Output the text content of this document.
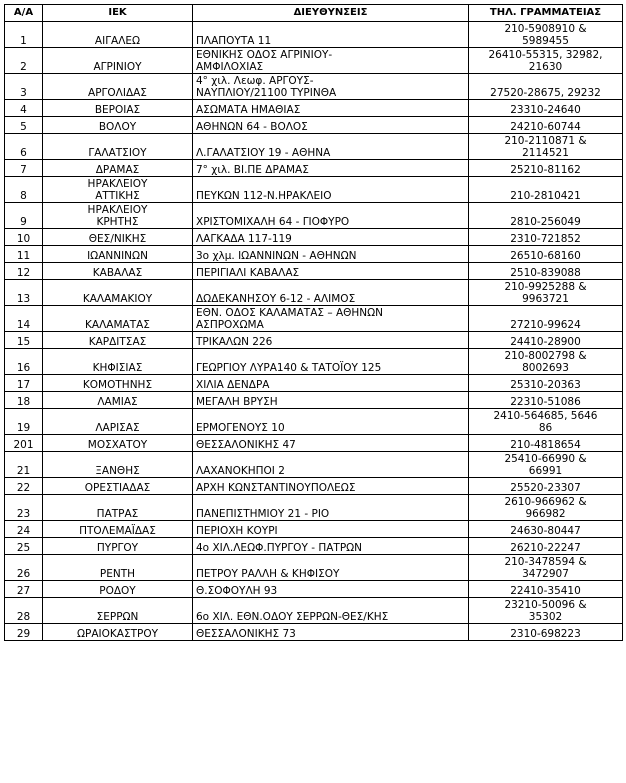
Α/Α	ΙΕΚ	ΔΙΕΥΘΥΝΣΕΙΣ	ΤΗΛ. ΓΡΑΜΜΑΤΕΙΑΣ
1	ΑΙΓΑΛΕΩ	ΠΛΑΠΟΥΤΑ 11	210-5908910 &
5989455
2	ΑΓΡΙΝΙΟΥ	ΕΘΝΙΚΗΣ ΟΔΟΣ ΑΓΡΙΝΙΟΥ-
ΑΜΦΙΛΟΧΙΑΣ	26410-55315, 32982,
21630
3	ΑΡΓΟΛΙΔΑΣ	4° χιλ. Λεωφ. ΑΡΓΟΥΣ-
ΝΑΥΠΛΙΟΥ/21100 ΤΥΡΙΝΘΑ	27520-28675, 29232
4	ΒΕΡΟΙΑΣ	ΑΣΩΜΑΤΑ ΗΜΑΘΙΑΣ	23310-24640
5	ΒΟΛΟΥ	ΑΘΗΝΩΝ 64 - ΒΟΛΟΣ	24210-60744
6	ΓΑΛΑΤΣΙΟΥ	Λ.ΓΑΛΑΤΣΙΟΥ 19 - ΑΘΗΝΑ	210-2110871 &
2114521
7	ΔΡΑΜΑΣ	7° χιλ. ΒΙ.ΠΕ ΔΡΑΜΑΣ	25210-81162
8	ΗΡΑΚΛΕΙΟΥ
ΑΤΤΙΚΗΣ	ΠΕΥΚΩΝ 112-Ν.ΗΡΑΚΛΕΙΟ	210-2810421
9	ΗΡΑΚΛΕΙΟΥ
ΚΡΗΤΗΣ	ΧΡΙΣΤΟΜΙΧΑΛΗ 64 - ΓΙΟΦΥΡΟ	2810-256049
10	ΘΕΣ/ΝΙΚΗΣ	ΛΑΓΚΑΔΑ 117-119	2310-721852
11	ΙΩΑΝΝΙΝΩΝ	3ο χλμ. ΙΩΑΝΝΙΝΩΝ - ΑΘΗΝΩΝ	26510-68160
12	ΚΑΒΑΛΑΣ	ΠΕΡΙΓΙΑΛΙ ΚΑΒΑΛΑΣ	2510-839088
13	ΚΑΛΑΜΑΚΙΟΥ	ΔΩΔΕΚΑΝΗΣΟΥ 6-12 - ΑΛΙΜΟΣ	210-9925288 &
9963721
14	ΚΑΛΑΜΑΤΑΣ	ΕΘΝ. ΟΔΟΣ ΚΑΛΑΜΑΤΑΣ – ΑΘΗΝΩΝ
ΑΣΠΡΟΧΩΜΑ	27210-99624
15	ΚΑΡΔΙΤΣΑΣ	ΤΡΙΚΑΛΩΝ 226	24410-28900
16	ΚΗΦΙΣΙΑΣ	ΓΕΩΡΓΙΟΥ ΛΥΡΑ140 & ΤΑΤΟΪΟΥ 125	210-8002798 &
8002693
17	ΚΟΜΟΤΗΝΗΣ	ΧΙΛΙΑ ΔΕΝΔΡΑ	25310-20363
18	ΛΑΜΙΑΣ	ΜΕΓΑΛΗ ΒΡΥΣΗ	22310-51086
19	ΛΑΡΙΣΑΣ	ΕΡΜΟΓΕΝΟΥΣ 10	2410-564685, 5646
86
201	ΜΟΣΧΑΤΟΥ	ΘΕΣΣΑΛΟΝΙΚΗΣ 47	210-4818654
21	ΞΑΝΘΗΣ	ΛΑΧΑΝΟΚΗΠΟΙ 2	25410-66990 &
66991
22	ΟΡΕΣΤΙΑΔΑΣ	ΑΡΧΗ ΚΩΝΣΤΑΝΤΙΝΟΥΠΟΛΕΩΣ	25520-23307
23	ΠΑΤΡΑΣ	ΠΑΝΕΠΙΣΤΗΜΙΟΥ 21 - ΡΙΟ	2610-966962 &
966982
24	ΠΤΟΛΕΜΑΪΔΑΣ	ΠΕΡΙΟΧΗ ΚΟΥΡΙ	24630-80447
25	ΠΥΡΓΟΥ	4ο ΧΙΛ.ΛΕΩΦ.ΠΥΡΓΟΥ - ΠΑΤΡΩΝ	26210-22247
26	ΡΕΝΤΗ	ΠΕΤΡΟΥ ΡΑΛΛΗ & ΚΗΦΙΣΟΥ	210-3478594 &
3472907
27	ΡΟΔΟΥ	Θ.ΣΟΦΟΥΛΗ 93	22410-35410
28	ΣΕΡΡΩΝ	6ο ΧΙΛ. ΕΘΝ.ΟΔΟΥ ΣΕΡΡΩΝ-ΘΕΣ/ΚΗΣ	23210-50096 &
35302
29	ΩΡΑΙΟΚΑΣΤΡΟΥ	ΘΕΣΣΑΛΟΝΙΚΗΣ 73	2310-698223
